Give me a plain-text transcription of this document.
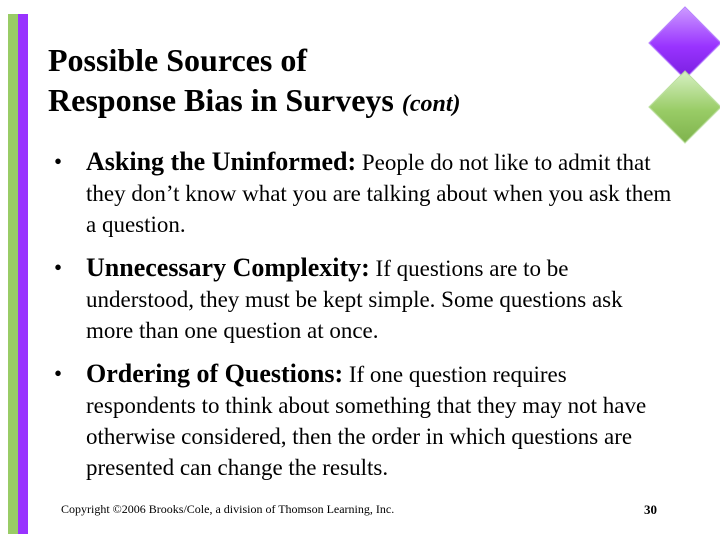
Possible Sources of
Response Bias in Surveys (cont)
• Asking the Uninformed: People do not like to admit that they don’t know what you are talking about when you ask them a question.
• Unnecessary Complexity: If questions are to be understood, they must be kept simple. Some questions ask more than one question at once.
• Ordering of Questions: If one question requires respondents to think about something that they may not have otherwise considered, then the order in which questions are presented can change the results.
Copyright ©2006 Brooks/Cole, a division of Thomson Learning, Inc.	30
